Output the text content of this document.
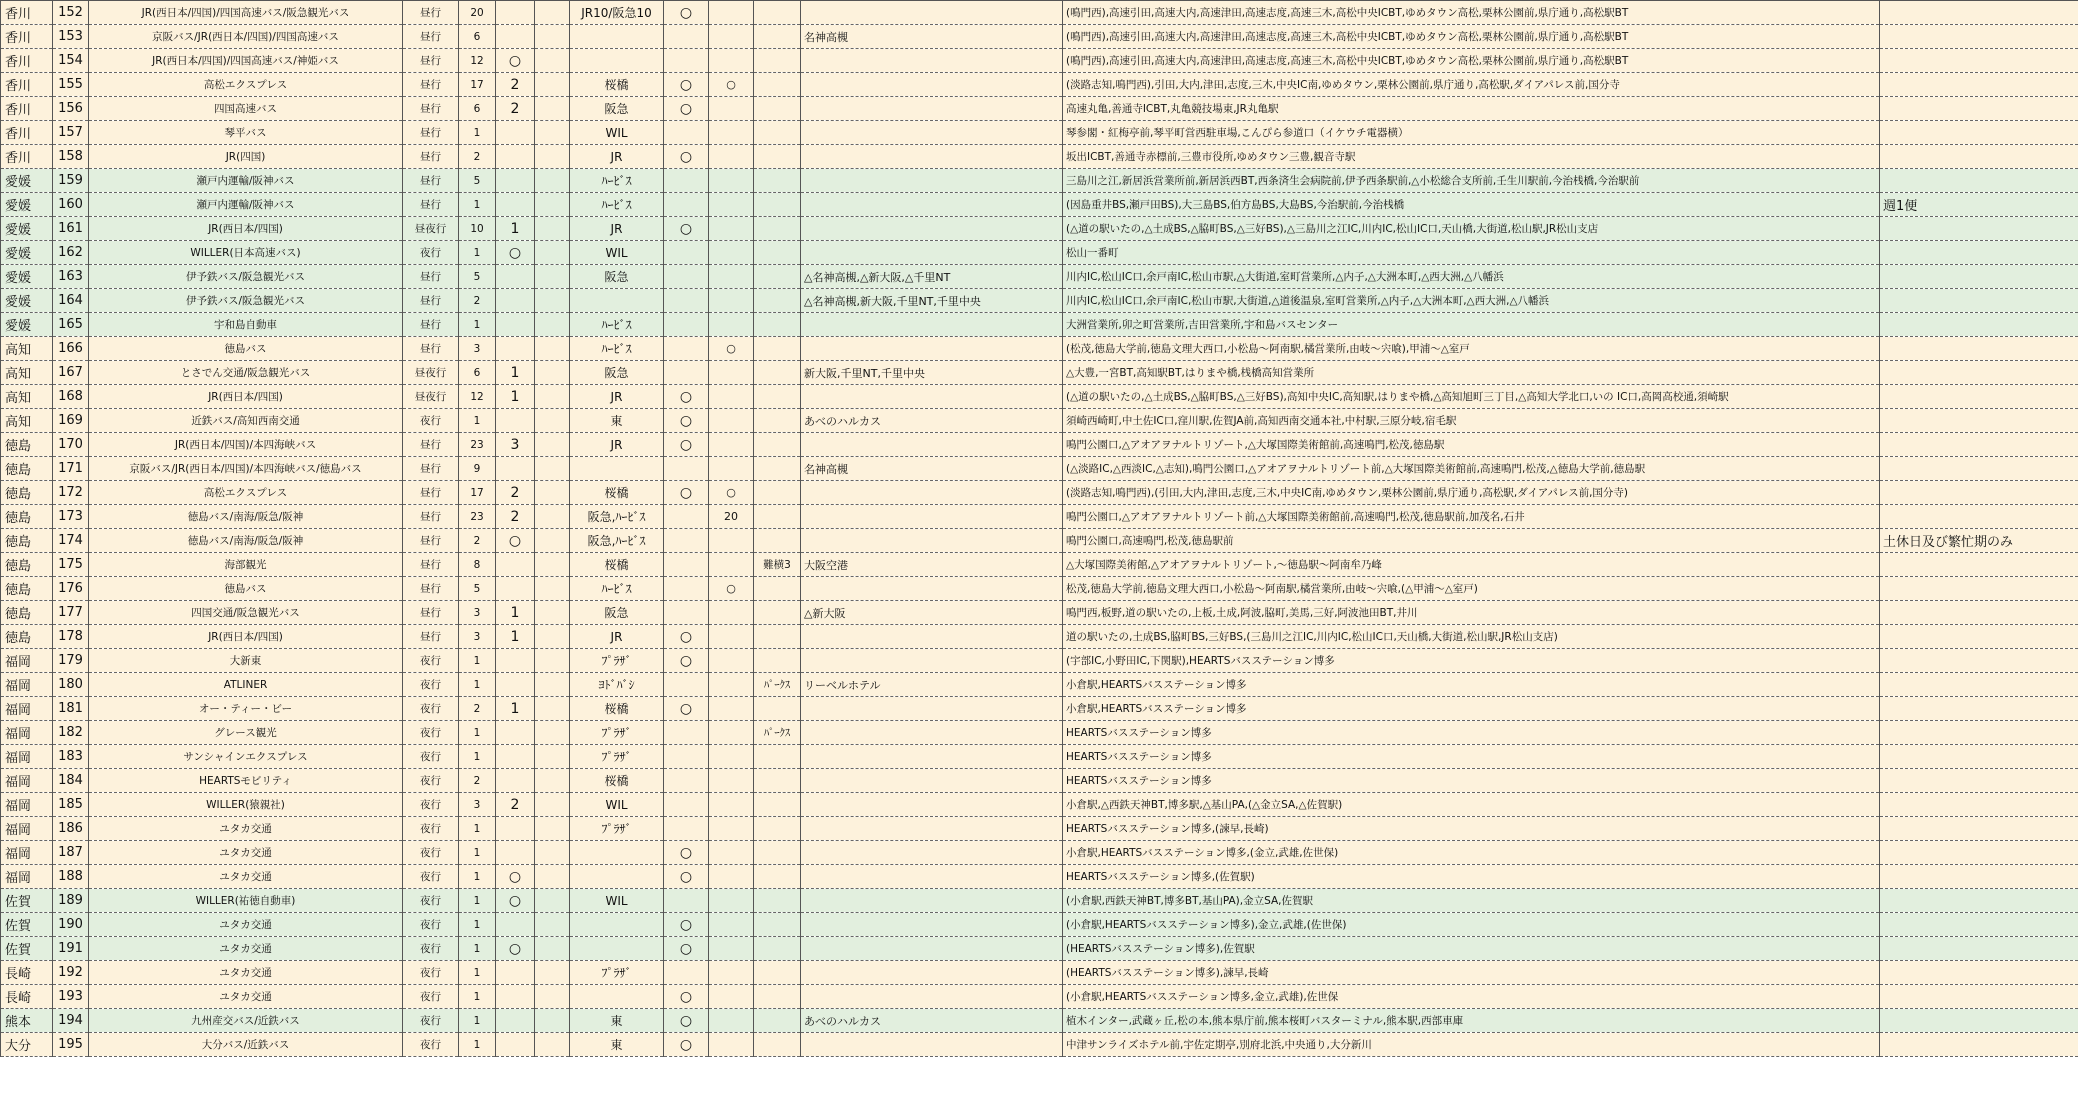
香川	152	JR(西日本/四国)/四国高速バス/阪急観光バス	昼行	20			JR10/阪急10	○				(鳴門西),高速引田,高速大内,高速津田,高速志度,高速三木,高松中央ICBT,ゆめタウン高松,栗林公園前,県庁通り,高松駅BT	
香川	153	京阪バス/JR(西日本/四国)/四国高速バス	昼行	6							名神高槻	(鳴門西),高速引田,高速大内,高速津田,高速志度,高速三木,高松中央ICBT,ゆめタウン高松,栗林公園前,県庁通り,高松駅BT	
香川	154	JR(西日本/四国)/四国高速バス/神姫バス	昼行	12	○							(鳴門西),高速引田,高速大内,高速津田,高速志度,高速三木,高松中央ICBT,ゆめタウン高松,栗林公園前,県庁通り,高松駅BT	
香川	155	高松エクスプレス	昼行	17	2		桜橋	○	○			(淡路志知,鳴門西),引田,大内,津田,志度,三木,中央IC南,ゆめタウン,栗林公園前,県庁通り,高松駅,ダイアパレス前,国分寺	
香川	156	四国高速バス	昼行	6	2		阪急	○				高速丸亀,善通寺ICBT,丸亀競技場東,JR丸亀駅	
香川	157	琴平バス	昼行	1			WIL					琴参閣・紅梅亭前,琴平町営西駐車場,こんぴら参道口（イケウチ電器横）	
香川	158	JR(四国)	昼行	2			JR	○				坂出ICBT,善通寺赤標前,三豊市役所,ゆめタウン三豊,観音寺駅	
愛媛	159	瀬戸内運輸/阪神バス	昼行	5			ﾊｰﾋﾞｽ					三島川之江,新居浜営業所前,新居浜西BT,西条済生会病院前,伊予西条駅前,△小松総合支所前,壬生川駅前,今治桟橋,今治駅前	
愛媛	160	瀬戸内運輸/阪神バス	昼行	1			ﾊｰﾋﾞｽ					(因島重井BS,瀬戸田BS),大三島BS,伯方島BS,大島BS,今治駅前,今治桟橋	週1便
愛媛	161	JR(西日本/四国)	昼夜行	10	1		JR	○				(△道の駅いたの,△土成BS,△脇町BS,△三好BS),△三島川之江IC,川内IC,松山IC口,天山橋,大街道,松山駅,JR松山支店	
愛媛	162	WILLER(日本高速バス)	夜行	1	○		WIL					松山一番町	
愛媛	163	伊予鉄バス/阪急観光バス	昼行	5			阪急				△名神高槻,△新大阪,△千里NT	川内IC,松山IC口,余戸南IC,松山市駅,△大街道,室町営業所,△内子,△大洲本町,△西大洲,△八幡浜	
愛媛	164	伊予鉄バス/阪急観光バス	昼行	2							△名神高槻,新大阪,千里NT,千里中央	川内IC,松山IC口,余戸南IC,松山市駅,大街道,△道後温泉,室町営業所,△内子,△大洲本町,△西大洲,△八幡浜	
愛媛	165	宇和島自動車	昼行	1			ﾊｰﾋﾞｽ					大洲営業所,卯之町営業所,吉田営業所,宇和島バスセンター	
高知	166	徳島バス	昼行	3			ﾊｰﾋﾞｽ		○			(松茂,徳島大学前,徳島文理大西口,小松島〜阿南駅,橘営業所,由岐〜宍喰),甲浦〜△室戸	
高知	167	とさでん交通/阪急観光バス	昼夜行	6	1		阪急				新大阪,千里NT,千里中央	△大豊,一宮BT,高知駅BT,はりまや橋,桟橋高知営業所	
高知	168	JR(西日本/四国)	昼夜行	12	1		JR	○				(△道の駅いたの,△土成BS,△脇町BS,△三好BS),高知中央IC,高知駅,はりまや橋,△高知旭町三丁目,△高知大学北口,いの IC口,高岡高校通,須崎駅	
高知	169	近鉄バス/高知西南交通	夜行	1			東	○			あべのハルカス	須崎西崎町,中土佐IC口,窪川駅,佐賀JA前,高知西南交通本社,中村駅,三原分岐,宿毛駅	
徳島	170	JR(西日本/四国)/本四海峡バス	昼行	23	3		JR	○				鳴門公園口,△アオアヲナルトリゾート,△大塚国際美術館前,高速鳴門,松茂,徳島駅	
徳島	171	京阪バス/JR(西日本/四国)/本四海峡バス/徳島バス	昼行	9							名神高槻	(△淡路IC,△西淡IC,△志知),鳴門公園口,△アオアヲナルトリゾート前,△大塚国際美術館前,高速鳴門,松茂,△徳島大学前,徳島駅	
徳島	172	高松エクスプレス	昼行	17	2		桜橋	○	○			(淡路志知,鳴門西),(引田,大内,津田,志度,三木,中央IC南,ゆめタウン,栗林公園前,県庁通り,高松駅,ダイアパレス前,国分寺)	
徳島	173	徳島バス/南海/阪急/阪神	昼行	23	2		阪急,ﾊｰﾋﾞｽ		20			鳴門公園口,△アオアヲナルトリゾート前,△大塚国際美術館前,高速鳴門,松茂,徳島駅前,加茂名,石井	
徳島	174	徳島バス/南海/阪急/阪神	昼行	2	○		阪急,ﾊｰﾋﾞｽ					鳴門公園口,高速鳴門,松茂,徳島駅前	土休日及び繁忙期のみ
徳島	175	海部観光	昼行	8			桜橋			難横3	大阪空港	△大塚国際美術館,△アオアヲナルトリゾート,〜徳島駅〜阿南牟乃峰	
徳島	176	徳島バス	昼行	5			ﾊｰﾋﾞｽ		○			松茂,徳島大学前,徳島文理大西口,小松島〜阿南駅,橘営業所,由岐〜宍喰,(△甲浦〜△室戸)	
徳島	177	四国交通/阪急観光バス	昼行	3	1		阪急				△新大阪	鳴門西,板野,道の駅いたの,上板,土成,阿波,脇町,美馬,三好,阿波池田BT,井川	
徳島	178	JR(西日本/四国)	昼行	3	1		JR	○				道の駅いたの,土成BS,脇町BS,三好BS,(三島川之江IC,川内IC,松山IC口,天山橋,大街道,松山駅,JR松山支店)	
福岡	179	大新東	夜行	1			ﾌﾟﾗｻﾞ	○				(宇部IC,小野田IC,下関駅),HEARTSバスステーション博多	
福岡	180	ATLINER	夜行	1			ﾖﾄﾞﾊﾞｼ			ﾊﾟｰｸｽ	リーベルホテル	小倉駅,HEARTSバスステーション博多	
福岡	181	オー・ティー・ビー	夜行	2	1		桜橋	○				小倉駅,HEARTSバスステーション博多	
福岡	182	グレース観光	夜行	1			ﾌﾟﾗｻﾞ			ﾊﾟｰｸｽ		HEARTSバスステーション博多	
福岡	183	サンシャインエクスプレス	夜行	1			ﾌﾟﾗｻﾞ					HEARTSバスステーション博多	
福岡	184	HEARTSモビリティ	夜行	2			桜橋					HEARTSバスステーション博多	
福岡	185	WILLER(猿親社)	夜行	3	2		WIL					小倉駅,△西鉄天神BT,博多駅,△基山PA,(△金立SA,△佐賀駅)	
福岡	186	ユタカ交通	夜行	1			ﾌﾟﾗｻﾞ					HEARTSバスステーション博多,(諫早,長崎)	
福岡	187	ユタカ交通	夜行	1				○				小倉駅,HEARTSバスステーション博多,(金立,武雄,佐世保)	
福岡	188	ユタカ交通	夜行	1	○			○				HEARTSバスステーション博多,(佐賀駅)	
佐賀	189	WILLER(祐徳自動車)	夜行	1	○		WIL					(小倉駅,西鉄天神BT,博多BT,基山PA),金立SA,佐賀駅	
佐賀	190	ユタカ交通	夜行	1				○				(小倉駅,HEARTSバスステーション博多),金立,武雄,(佐世保)	
佐賀	191	ユタカ交通	夜行	1	○			○				(HEARTSバスステーション博多),佐賀駅	
長崎	192	ユタカ交通	夜行	1			ﾌﾟﾗｻﾞ					(HEARTSバスステーション博多),諫早,長崎	
長崎	193	ユタカ交通	夜行	1				○				(小倉駅,HEARTSバスステーション博多,金立,武雄),佐世保	
熊本	194	九州産交バス/近鉄バス	夜行	1			東	○			あべのハルカス	植木インター,武蔵ヶ丘,松の本,熊本県庁前,熊本桜町バスターミナル,熊本駅,西部車庫	
大分	195	大分バス/近鉄バス	夜行	1			東	○				中津サンライズホテル前,宇佐定期亭,別府北浜,中央通り,大分新川	
